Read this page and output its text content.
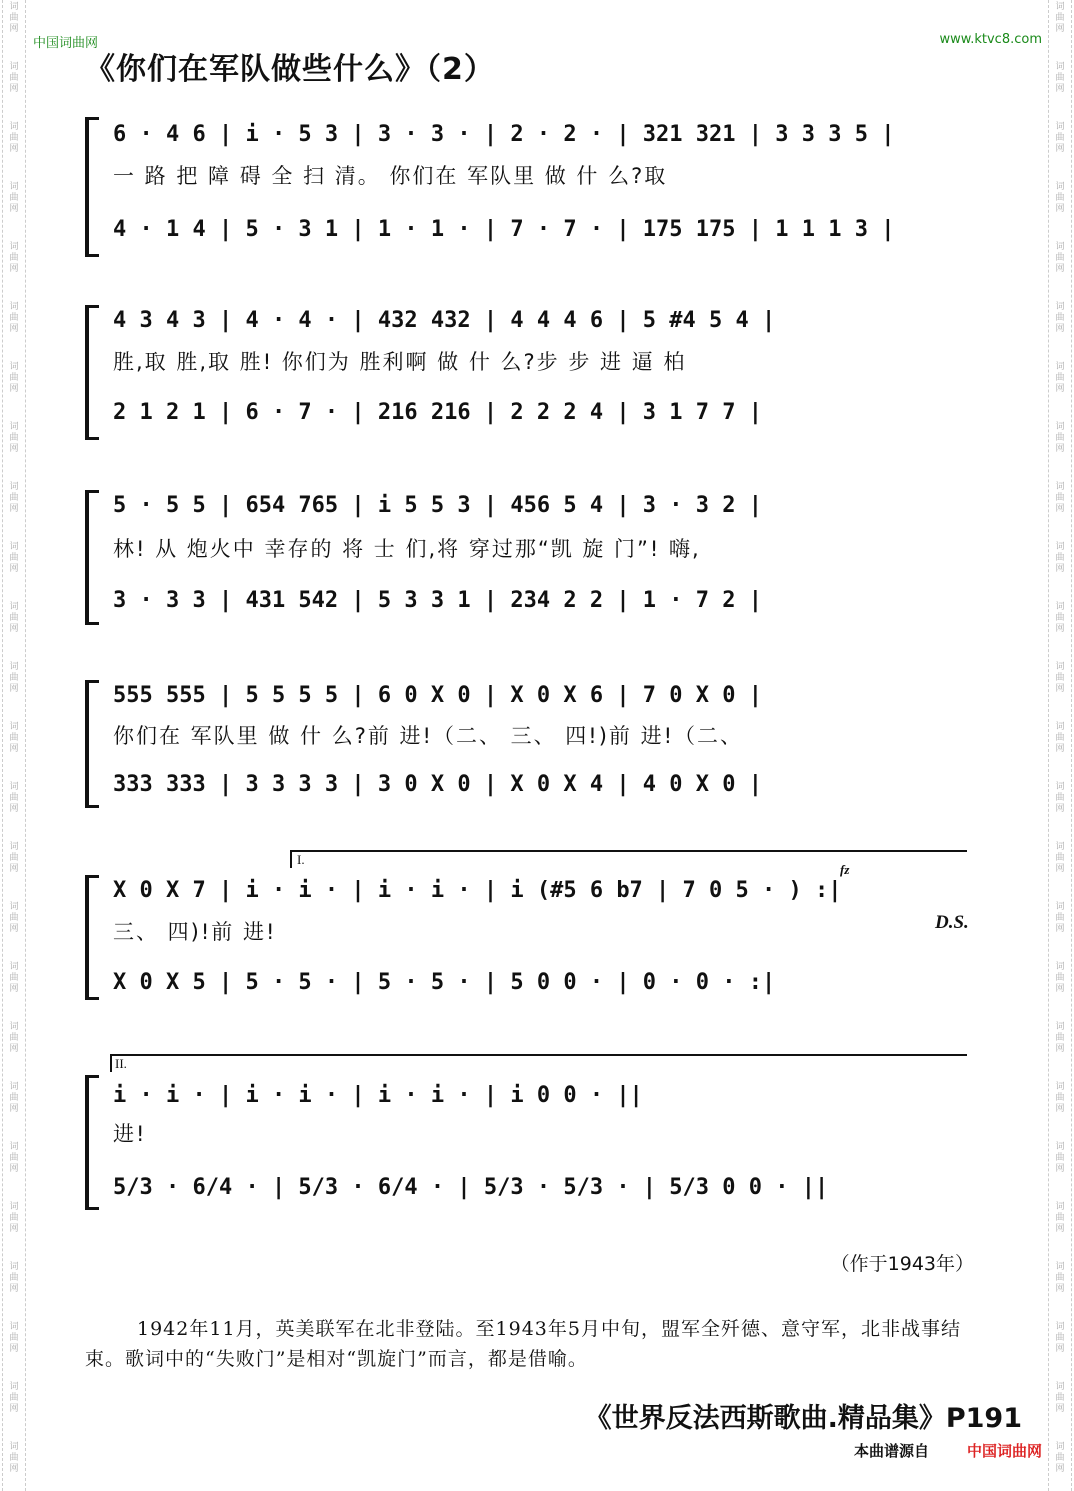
词
曲
网
词
曲
网
词
曲
网
词
曲
网
词
曲
网
词
曲
网
词
曲
网
词
曲
网
词
曲
网
词
曲
网
词
曲
网
词
曲
网
词
曲
网
词
曲
网
词
曲
网
词
曲
网
词
曲
网
词
曲
网
词
曲
网
词
曲
网
词
曲
网
词
曲
网
词
曲
网
词
曲
网
词
曲
网
词
曲
网
词
曲
网
词
曲
网
词
曲
网
词
曲
网
词
曲
网
词
曲
网
词
曲
网
词
曲
网
词
曲
网
词
曲
网
词
曲
网
词
曲
网
词
曲
网
词
曲
网
词
曲
网
词
曲
网
词
曲
网
词
曲
网
词
曲
网
词
曲
网
词
曲
网
词
曲
网
词
曲
网
词
曲
网
中国词曲网	www.ktvc8.com
《你们在军队做些什么》（2）
6 · 4 6 | i · 5 3 | 3 · 3 · | 2 · 2 · | 321 321 | 3 3 3 5 |
一 路 把 障 碍 全 扫 清。 你们在 军队里 做 什 么?取
4 · 1 4 | 5 · 3 1 | 1 · 1 · | 7 · 7 · | 175 175 | 1 1 1 3 |
4 3 4 3 | 4 · 4 · | 432 432 | 4 4 4 6 | 5 #4 5 4 |
胜,取 胜,取 胜! 你们为 胜利啊 做 什 么?步 步 进 逼 柏
2 1 2 1 | 6 · 7 · | 216 216 | 2 2 2 4 | 3 1 7 7 |
5 · 5 5 | 654 765 | i 5 5 3 | 456 5 4 | 3 · 3 2 |
林! 从 炮火中 幸存的 将 士 们,将 穿过那“凯 旋 门”! 嗨,
3 · 3 3 | 431 542 | 5 3 3 1 | 234 2 2 | 1 · 7 2 |
555 555 | 5 5 5 5 | 6 0 X 0 | X 0 X 6 | 7 0 X 0 |
你们在 军队里 做 什 么?前 进!（二、 三、 四!)前 进!（二、
333 333 | 3 3 3 3 | 3 0 X 0 | X 0 X 4 | 4 0 X 0 |
I.
fz
X 0 X 7 | i · i · | i · i · | i (#5 6 b7 | 7 0 5 · ) :|
三、 四)!前 进!	D.S.
X 0 X 5 | 5 · 5 · | 5 · 5 · | 5 0 0 · | 0 · 0 · :|
II.
i · i · | i · i · | i · i · | i 0 0 · ||
进!
5/3 · 6/4 · | 5/3 · 6/4 · | 5/3 · 5/3 · | 5/3 0 0 · ||
（作于1943年）
1942年11月，英美联军在北非登陆。至1943年5月中旬，盟军全歼德、意守军，北非战事结束。歌词中的“失败门”是相对“凯旋门”而言，都是借喻。
《世界反法西斯歌曲.精品集》P191
本曲谱源自	中国词曲网
